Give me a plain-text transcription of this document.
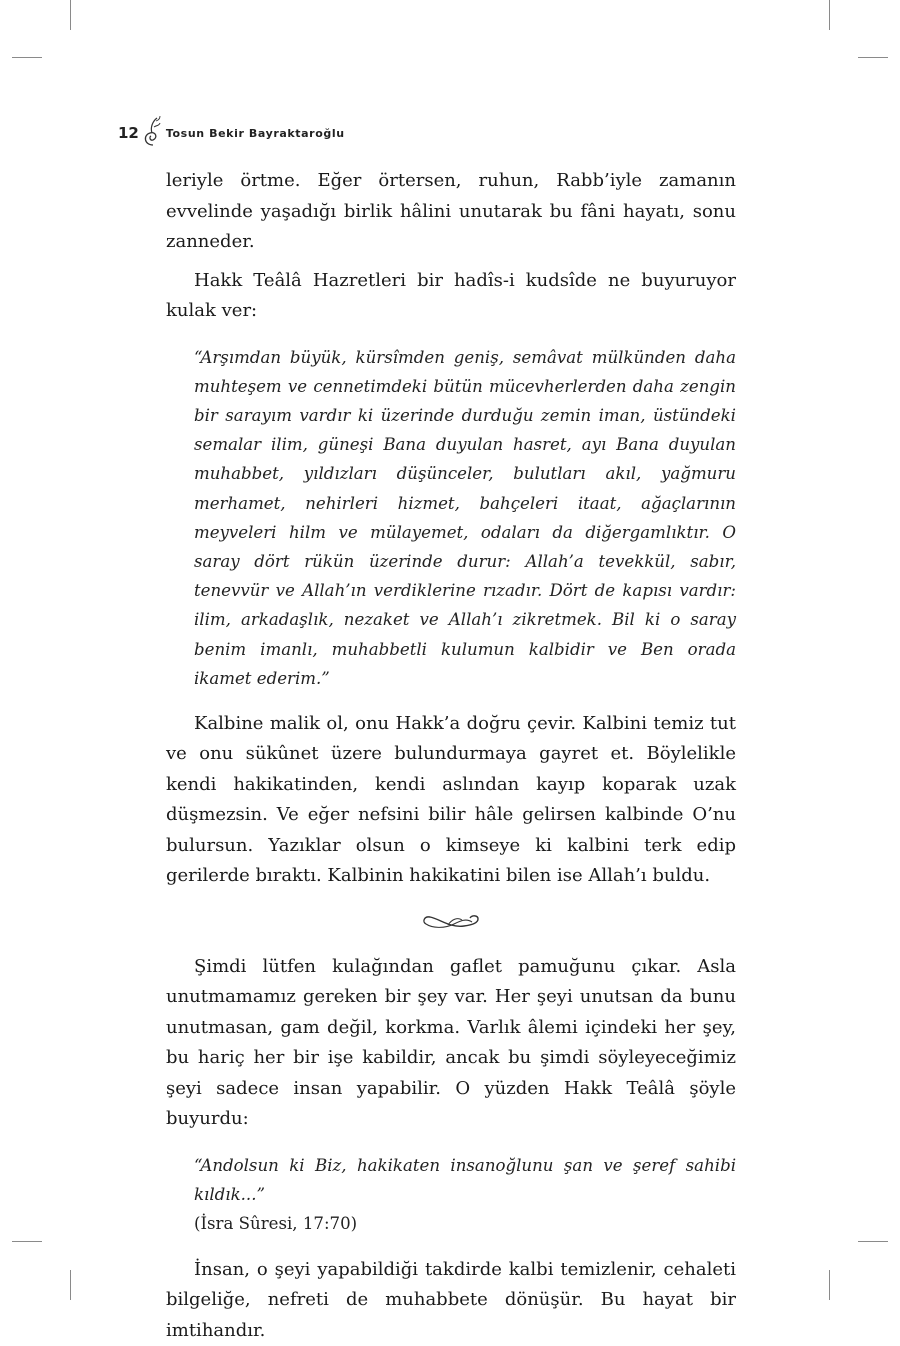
12 Tosun Bekir Bayraktaroğlu

leriyle örtme. Eğer örtersen, ruhun, Rabb’iyle zamanın evvelinde yaşadığı birlik hâlini unutarak bu fâni hayatı, sonu zanneder.

Hakk Teâlâ Hazretleri bir hadîs-i kudsîde ne buyuruyor kulak ver:

“Arşımdan büyük, kürsîmden geniş, semâvat mülkünden daha muhteşem ve cennetimdeki bütün mücevherlerden daha zengin bir sarayım vardır ki üzerinde durduğu zemin iman, üstündeki semalar ilim, güneşi Bana duyulan hasret, ayı Bana duyulan muhabbet, yıldızları düşünceler, bulutları akıl, yağmuru merhamet, nehirleri hizmet, bahçeleri itaat, ağaçlarının meyveleri hilm ve mülayemet, odaları da diğergamlıktır. O saray dört rükün üzerinde durur: Allah’a tevekkül, sabır, tenevvür ve Allah’ın verdiklerine rızadır. Dört de kapısı vardır: ilim, arkadaşlık, nezaket ve Allah’ı zikretmek. Bil ki o saray benim imanlı, muhabbetli kulumun kalbidir ve Ben orada ikamet ederim.”

Kalbine malik ol, onu Hakk’a doğru çevir. Kalbini temiz tut ve onu sükûnet üzere bulundurmaya gayret et. Böylelikle kendi hakikatinden, kendi aslından kayıp koparak uzak düşmezsin. Ve eğer nefsini bilir hâle gelirsen kalbinde O’nu bulursun. Yazıklar olsun o kimseye ki kalbini terk edip gerilerde bıraktı. Kalbinin hakikatini bilen ise Allah’ı buldu.

Şimdi lütfen kulağından gaflet pamuğunu çıkar. Asla unutmamamız gereken bir şey var. Her şeyi unutsan da bunu unutmasan, gam değil, korkma. Varlık âlemi içindeki her şey, bu hariç her bir işe kabildir, ancak bu şimdi söyleyeceğimiz şeyi sadece insan yapabilir. O yüzden Hakk Teâlâ şöyle buyurdu:

“Andolsun ki Biz, hakikaten insanoğlunu şan ve şeref sahibi kıldık...”
(İsra Sûresi, 17:70)

İnsan, o şeyi yapabildiği takdirde kalbi temizlenir, cehaleti bilgeliğe, nefreti de muhabbete dönüşür. Bu hayat bir imtihandır.
